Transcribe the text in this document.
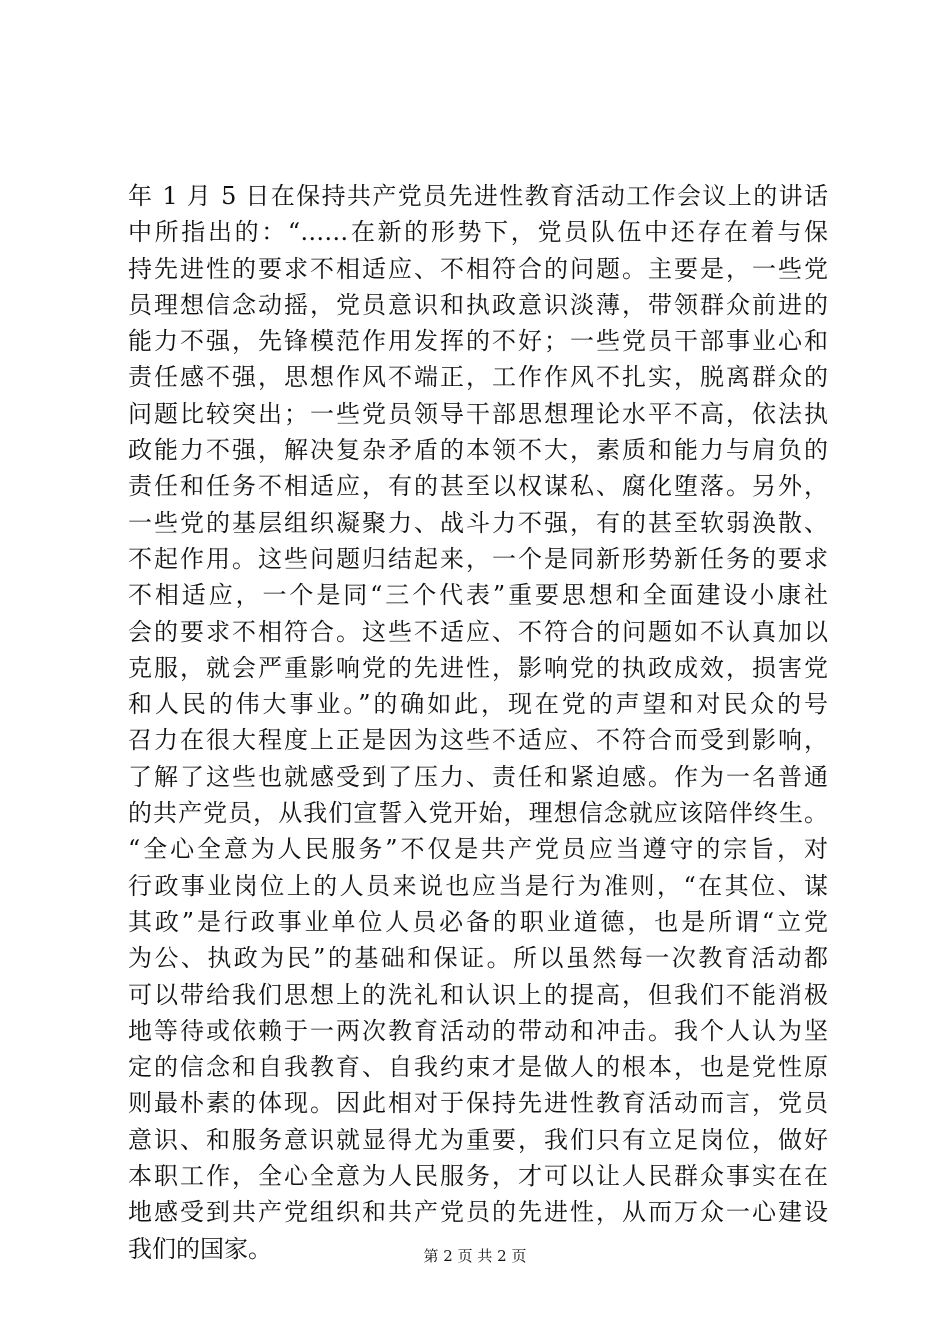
年 1 月 5 日在保持共产党员先进性教育活动工作会议上的讲话
中所指出的：“……在新的形势下，党员队伍中还存在着与保
持先进性的要求不相适应、不相符合的问题。主要是，一些党
员理想信念动摇，党员意识和执政意识淡薄，带领群众前进的
能力不强，先锋模范作用发挥的不好；一些党员干部事业心和
责任感不强，思想作风不端正，工作作风不扎实，脱离群众的
问题比较突出；一些党员领导干部思想理论水平不高，依法执
政能力不强，解决复杂矛盾的本领不大，素质和能力与肩负的
责任和任务不相适应，有的甚至以权谋私、腐化堕落。另外，
一些党的基层组织凝聚力、战斗力不强，有的甚至软弱涣散、
不起作用。这些问题归结起来，一个是同新形势新任务的要求
不相适应，一个是同“三个代表”重要思想和全面建设小康社
会的要求不相符合。这些不适应、不符合的问题如不认真加以
克服，就会严重影响党的先进性，影响党的执政成效，损害党
和人民的伟大事业。”的确如此，现在党的声望和对民众的号
召力在很大程度上正是因为这些不适应、不符合而受到影响，
了解了这些也就感受到了压力、责任和紧迫感。作为一名普通
的共产党员，从我们宣誓入党开始，理想信念就应该陪伴终生。
“全心全意为人民服务”不仅是共产党员应当遵守的宗旨，对
行政事业岗位上的人员来说也应当是行为准则，“在其位、谋
其政”是行政事业单位人员必备的职业道德，也是所谓“立党
为公、执政为民”的基础和保证。所以虽然每一次教育活动都
可以带给我们思想上的洗礼和认识上的提高，但我们不能消极
地等待或依赖于一两次教育活动的带动和冲击。我个人认为坚
定的信念和自我教育、自我约束才是做人的根本，也是党性原
则最朴素的体现。因此相对于保持先进性教育活动而言，党员
意识、和服务意识就显得尤为重要，我们只有立足岗位，做好
本职工作，全心全意为人民服务，才可以让人民群众事实在在
地感受到共产党组织和共产党员的先进性，从而万众一心建设
我们的国家。	第 2 页 共 2 页
